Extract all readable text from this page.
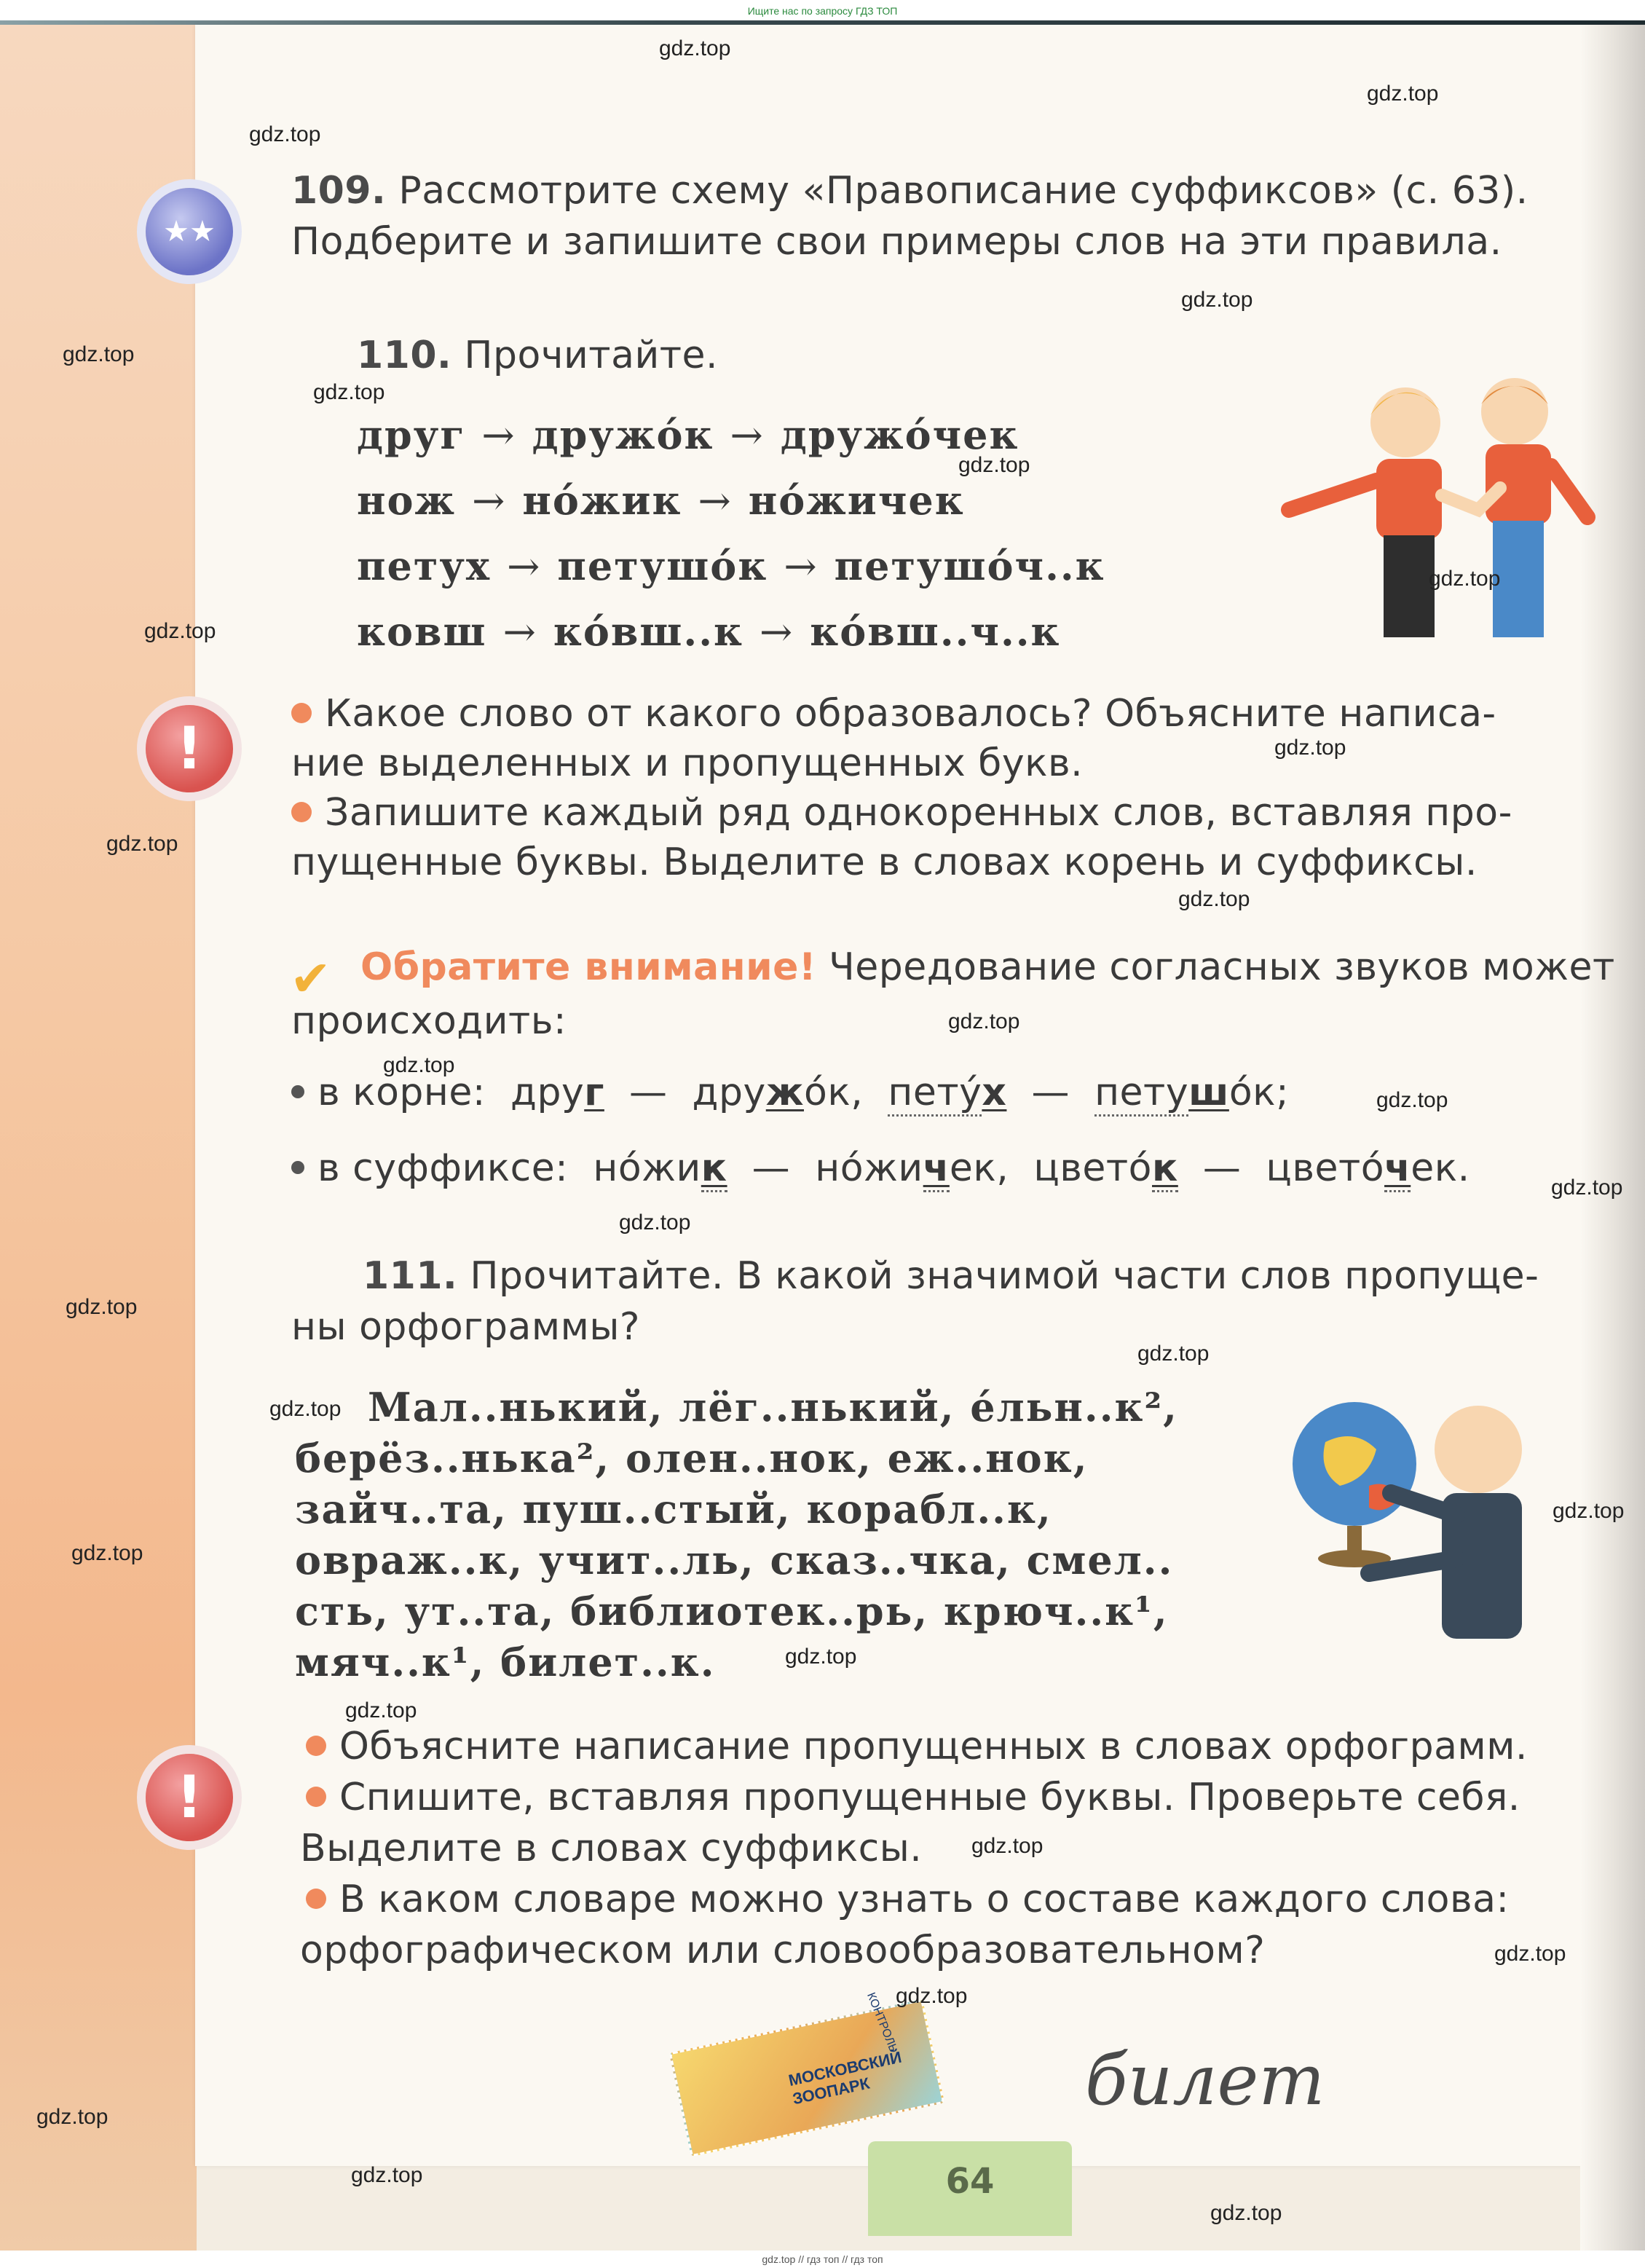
Ищите нас по запросу ГДЗ ТОП
★★
!
!
109. Рассмотрите схему «Правописание суффиксов» (с. 63).
Подберите и запишите свои примеры слов на эти правила.
110. Прочитайте.
друг → дружо́к → дружо́чек
нож → но́жик → но́жичек
петух → петушо́к → петушо́ч..к
ковш → ко́вш..к → ко́вш..ч..к
Какое слово от какого образовалось? Объясните написа-
ние выделенных и пропущенных букв.
Запишите каждый ряд однокоренных слов, вставляя про-
пущенные буквы. Выделите в словах корень и суффиксы.
✔ Обратите внимание! Чередование согласных звуков может
происходить:
в корне: друг — дружо́к, пету́х — петушо́к;
в суффиксе: но́жик — но́жичек, цвето́к — цвето́чек.
111. Прочитайте. В какой значимой части слов пропуще-
ны орфограммы?
Мал..нький, лёг..нький, е́льн..к²,
берёз..нька², олен..нок, еж..нок,
зайч..та, пуш..стый, корабл..к,
овраж..к, учит..ль, сказ..чка, смел..
сть, ут..та, библиотек..рь, крюч..к¹,
мяч..к¹, билет..к.
Объясните написание пропущенных в словах орфограмм.
Спишите, вставляя пропущенные буквы. Проверьте себя.
Выделите в словах суффиксы.
В каком словаре можно узнать о составе каждого слова:
орфографическом или словообразовательном?
МОСКОВСКИЙ ЗООПАРК
КОНТРОЛЬ
билет
64
gdz.top
gdz.top
gdz.top
gdz.top
gdz.top
gdz.top
gdz.top
gdz.top
gdz.top
gdz.top
gdz.top
gdz.top
gdz.top
gdz.top
gdz.top
gdz.top
gdz.top
gdz.top
gdz.top
gdz.top
gdz.top
gdz.top
gdz.top
gdz.top
gdz.top
gdz.top
gdz.top
gdz.top
gdz.top
gdz.top
gdz.top // гдз топ // гдз топ
